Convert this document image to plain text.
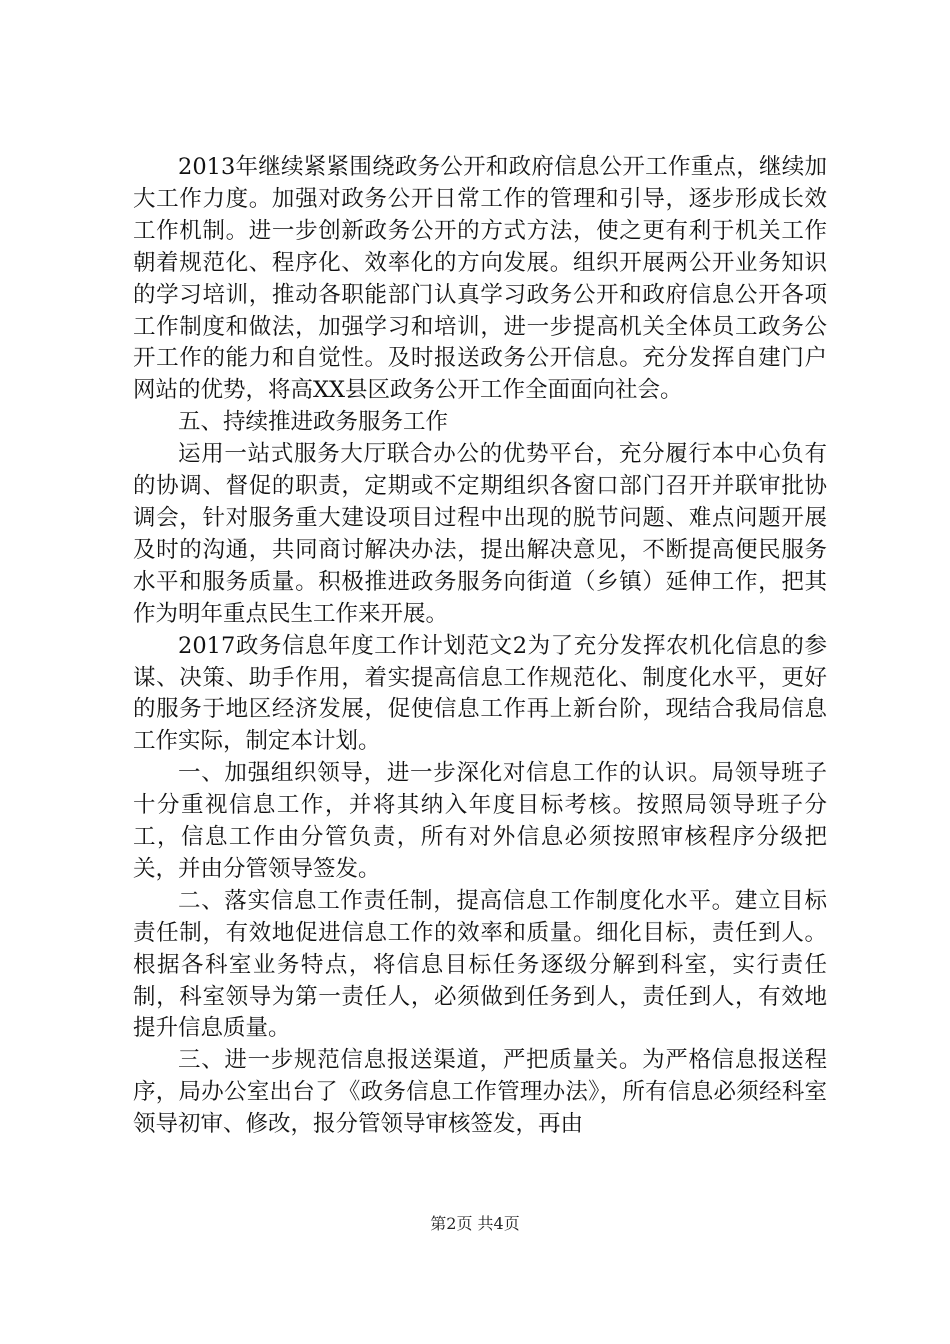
2013年继续紧紧围绕政务公开和政府信息公开工作重点，继续加大工作力度。加强对政务公开日常工作的管理和引导，逐步形成长效工作机制。进一步创新政务公开的方式方法，使之更有利于机关工作朝着规范化、程序化、效率化的方向发展。组织开展两公开业务知识的学习培训，推动各职能部门认真学习政务公开和政府信息公开各项工作制度和做法，加强学习和培训，进一步提高机关全体员工政务公开工作的能力和自觉性。及时报送政务公开信息。充分发挥自建门户网站的优势，将高XX县区政务公开工作全面面向社会。

五、持续推进政务服务工作

运用一站式服务大厅联合办公的优势平台，充分履行本中心负有的协调、督促的职责，定期或不定期组织各窗口部门召开并联审批协调会，针对服务重大建设项目过程中出现的脱节问题、难点问题开展及时的沟通，共同商讨解决办法，提出解决意见，不断提高便民服务水平和服务质量。积极推进政务服务向街道（乡镇）延伸工作，把其作为明年重点民生工作来开展。

2017政务信息年度工作计划范文2为了充分发挥农机化信息的参谋、决策、助手作用，着实提高信息工作规范化、制度化水平，更好的服务于地区经济发展，促使信息工作再上新台阶，现结合我局信息工作实际，制定本计划。

一、加强组织领导，进一步深化对信息工作的认识。局领导班子十分重视信息工作，并将其纳入年度目标考核。按照局领导班子分工，信息工作由分管负责，所有对外信息必须按照审核程序分级把关，并由分管领导签发。

二、落实信息工作责任制，提高信息工作制度化水平。建立目标责任制，有效地促进信息工作的效率和质量。细化目标，责任到人。根据各科室业务特点，将信息目标任务逐级分解到科室，实行责任制，科室领导为第一责任人，必须做到任务到人，责任到人，有效地提升信息质量。

三、进一步规范信息报送渠道，严把质量关。为严格信息报送程序，局办公室出台了《政务信息工作管理办法》，所有信息必须经科室领导初审、修改，报分管领导审核签发，再由

第2页 共4页
